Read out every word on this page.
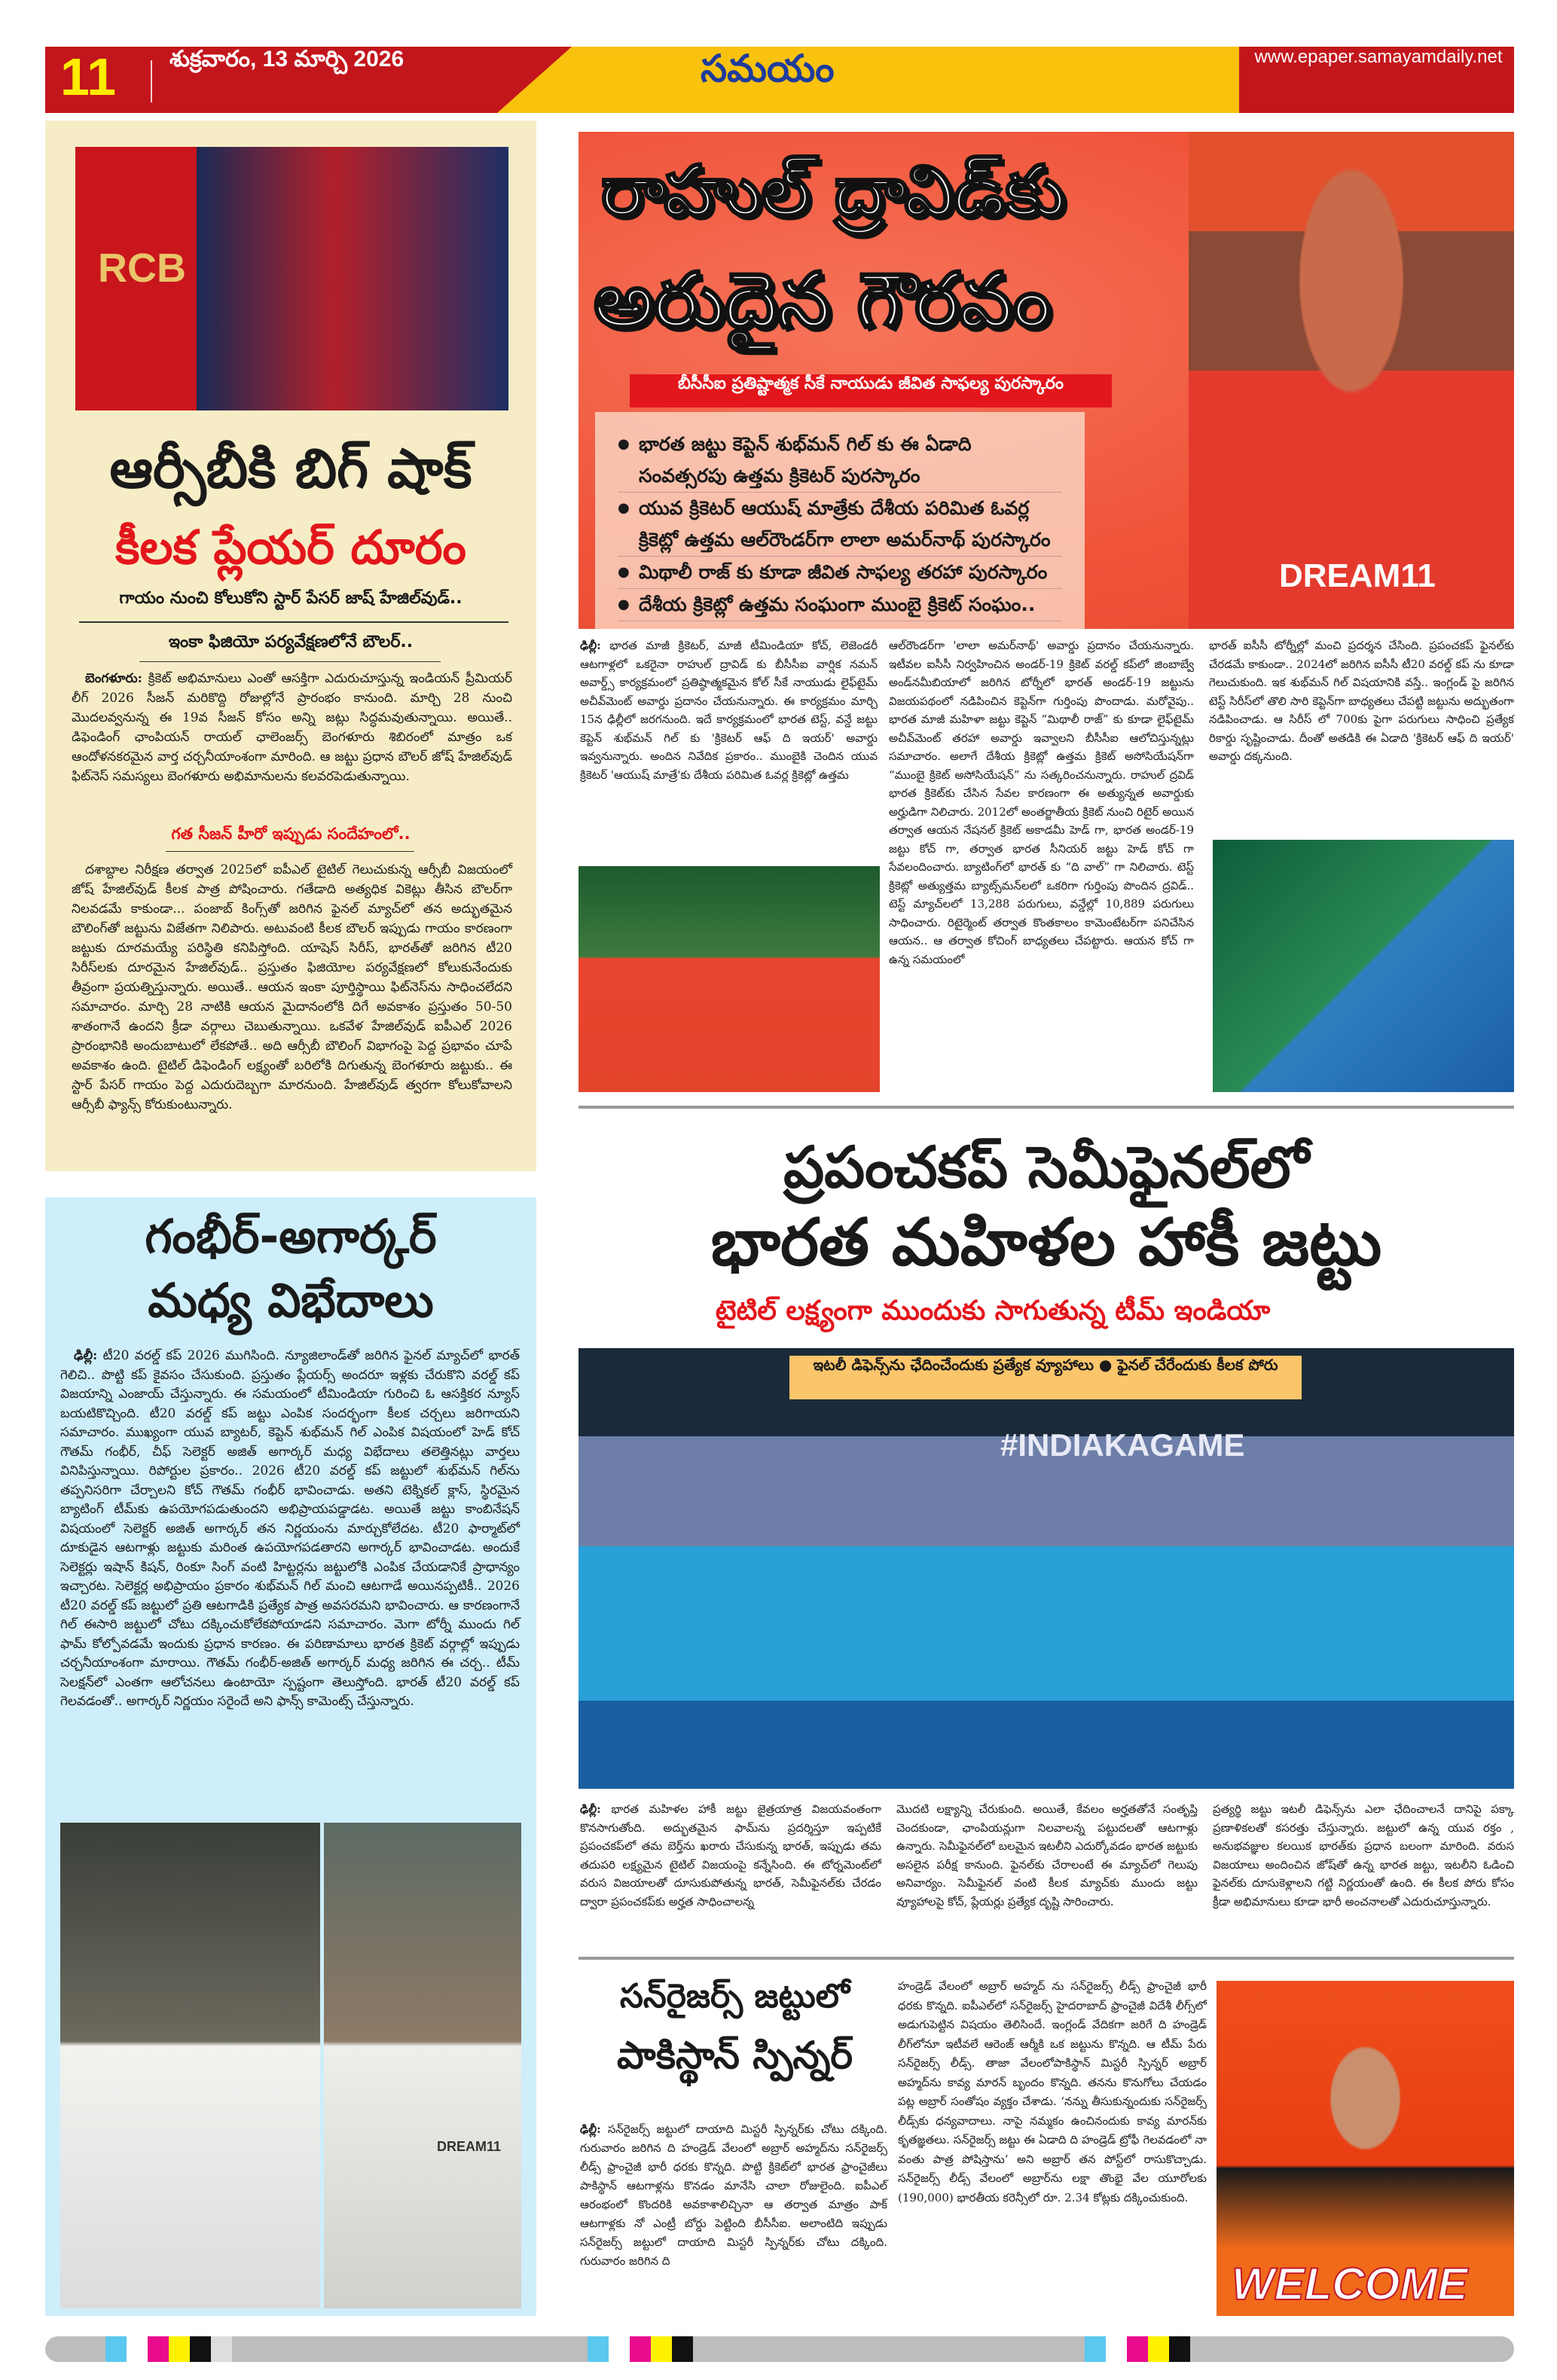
11 శుక్రవారం, 13 మార్చి 2026	సమయం	www.epaper.samayamdaily.net
RCB
ఆర్సీబీకి బిగ్ షాక్
కీలక ప్లేయర్ దూరం
గాయం నుంచి కోలుకోని స్టార్ పేసర్ జాష్ హేజిల్‌వుడ్..
ఇంకా ఫిజియో పర్యవేక్షణలోనే బౌలర్..

బెంగళూరు: క్రికెట్ అభిమానులు ఎంతో ఆసక్తిగా ఎదురుచూస్తున్న ఇండియన్ ప్రీమియర్ లీగ్ 2026 సీజన్ మరికొద్ది రోజుల్లోనే ప్రారంభం కానుంది. మార్చి 28 నుంచి మొదలవ్వనున్న ఈ 19వ సీజన్ కోసం అన్ని జట్లు సిద్ధమవుతున్నాయి. అయితే.. డిఫెండింగ్ ఛాంపియన్ రాయల్ ఛాలెంజర్స్ బెంగళూరు శిబిరంలో మాత్రం ఒక ఆందోళనకరమైన వార్త చర్చనీయాంశంగా మారింది. ఆ జట్టు ప్రధాన బౌలర్ జోష్ హేజిల్‌వుడ్ ఫిట్‌నెస్ సమస్యలు బెంగళూరు అభిమానులను కలవరపెడుతున్నాయి.

గత సీజన్ హీరో ఇప్పుడు సందేహంలో..

దశాబ్దాల నిరీక్షణ తర్వాత 2025లో ఐపీఎల్ టైటిల్ గెలుచుకున్న ఆర్సీబీ విజయంలో జోష్ హేజిల్‌వుడ్ కీలక పాత్ర పోషించారు. గతేడాది అత్యధిక వికెట్లు తీసిన బౌలర్‌గా నిలవడమే కాకుండా... పంజాబ్ కింగ్స్‌తో జరిగిన ఫైనల్ మ్యాచ్‌లో తన అద్భుతమైన బౌలింగ్‌తో జట్టును విజేతగా నిలిపారు. అటువంటి కీలక బౌలర్ ఇప్పుడు గాయం కారణంగా జట్టుకు దూరమయ్యే పరిస్థితి కనిపిస్తోంది. యాషెస్ సిరీస్, భారత్‌తో జరిగిన టీ20 సిరీస్‌లకు దూరమైన హేజిల్‌వుడ్.. ప్రస్తుతం ఫిజియోల పర్యవేక్షణలో కోలుకునేందుకు తీవ్రంగా ప్రయత్నిస్తున్నారు. అయితే.. ఆయన ఇంకా పూర్తిస్థాయి ఫిట్‌నెస్‌ను సాధించలేదని సమాచారం. మార్చి 28 నాటికి ఆయన మైదానంలోకి దిగే అవకాశం ప్రస్తుతం 50-50 శాతంగానే ఉందని క్రీడా వర్గాలు చెబుతున్నాయి. ఒకవేళ హేజిల్‌వుడ్ ఐపీఎల్ 2026 ప్రారంభానికి అందుబాటులో లేకపోతే.. అది ఆర్సీబీ బౌలింగ్ విభాగంపై పెద్ద ప్రభావం చూపే అవకాశం ఉంది. టైటిల్ డిఫెండింగ్ లక్ష్యంతో బరిలోకి దిగుతున్న బెంగళూరు జట్టుకు.. ఈ స్టార్ పేసర్ గాయం పెద్ద ఎదురుదెబ్బగా మారనుంది. హేజిల్‌వుడ్ త్వరగా కోలుకోవాలని ఆర్సీబీ ఫ్యాన్స్ కోరుకుంటున్నారు.

గంభీర్-అగార్కర్
మధ్య విభేదాలు

ఢిల్లీ: టీ20 వరల్డ్ కప్ 2026 ముగిసింది. న్యూజిలాండ్‌తో జరిగిన ఫైనల్ మ్యాచ్‌లో భారత్ గెలిచి.. పొట్టి కప్ కైవసం చేసుకుంది. ప్రస్తుతం ప్లేయర్స్ అందరూ ఇళ్లకు చేరుకొని వరల్డ్ కప్ విజయాన్ని ఎంజాయ్ చేస్తున్నారు. ఈ సమయంలో టీమిండియా గురించి ఓ ఆసక్తికర న్యూస్ బయటికొచ్చింది. టీ20 వరల్డ్ కప్ జట్టు ఎంపిక సందర్భంగా కీలక చర్చలు జరిగాయని సమాచారం. ముఖ్యంగా యువ బ్యాటర్, కెప్టెన్ శుభ్‌మన్ గిల్ ఎంపిక విషయంలో హెడ్ కోచ్ గౌతమ్ గంభీర్, చీఫ్ సెలెక్టర్ అజిత్ అగార్కర్ మధ్య విభేదాలు తలెత్తినట్లు వార్తలు వినిపిస్తున్నాయి. రిపోర్టుల ప్రకారం.. 2026 టీ20 వరల్డ్ కప్ జట్టులో శుభ్‌మన్ గిల్‌ను తప్పనిసరిగా చేర్చాలని కోచ్ గౌతమ్ గంభీర్ భావించాడు. అతని టెక్నికల్ క్లాస్, స్థిరమైన బ్యాటింగ్ టీమ్‌కు ఉపయోగపడుతుందని అభిప్రాయపడ్డాడట. అయితే జట్టు కాంబినేషన్ విషయంలో సెలెక్టర్ అజిత్ అగార్కర్ తన నిర్ణయంను మార్చుకోలేదట. టీ20 ఫార్మాట్‌లో దూకుడైన ఆటగాళ్లు జట్టుకు మరింత ఉపయోగపడతారని అగార్కర్ భావించాడట. అందుకే సెలెక్టర్లు ఇషాన్ కిషన్, రింకూ సింగ్ వంటి హిట్టర్లను జట్టులోకి ఎంపిక చేయడానికే ప్రాధాన్యం ఇచ్చారట. సెలెక్టర్ల అభిప్రాయం ప్రకారం శుభ్‌మన్ గిల్ మంచి ఆటగాడే అయినప్పటికీ.. 2026 టీ20 వరల్డ్ కప్ జట్టులో ప్రతి ఆటగాడికి ప్రత్యేక పాత్ర అవసరమని భావించారు. ఆ కారణంగానే గిల్ ఈసారి జట్టులో చోటు దక్కించుకోలేకపోయాడని సమాచారం. మెగా టోర్నీ ముందు గిల్ ఫామ్ కోల్పోవడమే ఇందుకు ప్రధాన కారణం. ఈ పరిణామాలు భారత క్రికెట్ వర్గాల్లో ఇప్పుడు చర్చనీయాంశంగా మారాయి. గౌతమ్ గంభీర్-అజిత్ అగార్కర్ మధ్య జరిగిన ఈ చర్చ.. టీమ్ సెలక్షన్‌లో ఎంతగా ఆలోచనలు ఉంటాయో స్పష్టంగా తెలుస్తోంది. భారత్ టీ20 వరల్డ్ కప్ గెలవడంతో.. అగార్కర్ నిర్ణయం సరైందే అని ఫాన్స్ కామెంట్స్ చేస్తున్నారు.

DREAM11
DREAM11
రాహుల్ ద్రావిడ్‌కు
అరుదైన గౌరవం
బీసీసీఐ ప్రతిష్టాత్మక సీకే నాయుడు జీవిత సాఫల్య పురస్కారం
● భారత జట్టు కెప్టెన్ శుభ్‌మన్ గిల్ కు ఈ ఏడాది సంవత్సరపు ఉత్తమ క్రికెటర్ పురస్కారం
● యువ క్రికెటర్ ఆయుష్ మాత్రేకు దేశీయ పరిమిత ఓవర్ల క్రికెట్లో ఉత్తమ ఆల్‌రౌండర్‌గా లాలా అమర్‌నాథ్ పురస్కారం
● మిథాలీ రాజ్ కు కూడా జీవిత సాఫల్య తరహా పురస్కారం
● దేశీయ క్రికెట్లో ఉత్తమ సంఘంగా ముంబై క్రికెట్ సంఘం..

ఢిల్లీ: భారత మాజీ క్రికెటర్, మాజీ టీమిండియా కోచ్, లెజెండరీ ఆటగాళ్లలో ఒకరైనా రాహుల్ ద్రావిడ్ కు బీసీసీఐ వార్షిక నమన్ అవార్డ్స్ కార్యక్రమంలో ప్రతిష్ఠాత్మకమైన కోల్ సీకే నాయుడు లైఫ్‌టైమ్ అచీవ్‌మెంట్ అవార్డు ప్రదానం చేయనున్నారు. ఈ కార్యక్రమం మార్చి 15న ఢిల్లీలో జరగనుంది. ఇదే కార్యక్రమంలో భారత టెస్ట్, వన్డే జట్టు కెప్టెన్ శుభ్‌మన్ గిల్ కు 'క్రికెటర్ ఆఫ్ ది ఇయర్' అవార్డు ఇవ్వనున్నారు. అందిన నివేదిక ప్రకారం.. ముంబైకి చెందిన యువ క్రికెటర్ 'ఆయుష్ మాత్రే'కు దేశీయ పరిమిత ఓవర్ల క్రికెట్లో ఉత్తమ

ఆల్‌రౌండర్‌గా 'లాలా అమర్‌నాథ్' అవార్డు ప్రదానం చేయనున్నారు. ఇటీవల ఐసీసీ నిర్వహించిన అండర్-19 క్రికెట్ వరల్డ్ కప్‌లో జింబాబ్వే అండ్‌నమీబియాలో జరిగిన టోర్నీలో భారత్ అండర్-19 జట్టును విజయపథంలో నడిపించిన కెప్టెన్‌గా గుర్తింపు పొందాడు. మరోవైపు.. భారత మాజీ మహిళా జట్టు కెప్టెన్ “మిథాలీ రాజ్” కు కూడా లైఫ్‌టైమ్ అచీవ్‌మెంట్ తరహా అవార్డు ఇవ్వాలని బీసీసీఐ ఆలోచిస్తున్నట్లు సమాచారం. అలాగే దేశీయ క్రికెట్లో ఉత్తమ క్రికెట్ అసోసియేషన్‌గా “ముంబై క్రికెట్ అసోసియేషన్” ను సత్కరించనున్నారు. రాహుల్ ద్రవిడ్ భారత క్రికెట్‌కు చేసిన సేవల కారణంగా ఈ అత్యున్నత అవార్డుకు అర్హుడిగా నిలిచారు. 2012లో అంతర్జాతీయ క్రికెట్ నుంచి రిటైర్ అయిన తర్వాత ఆయన నేషనల్ క్రికెట్ అకాడమీ హెడ్ గా, భారత అండర్-19 జట్టు కోచ్ గా, తర్వాత భారత సీనియర్ జట్టు హెడ్ కోచ్ గా సేవలందించారు. బ్యాటింగ్‌లో భారత్ కు “ది వాల్” గా నిలిచారు. టెస్ట్ క్రికెట్లో అత్యుత్తమ బ్యాట్స్‌మన్‌లలో ఒకరిగా గుర్తింపు పొందిన ద్రవిడ్.. టెస్ట్ మ్యాచ్‌లలో 13,288 పరుగులు, వన్డేల్లో 10,889 పరుగులు సాధించారు. రిటైర్మెంట్ తర్వాత కొంతకాలం కామెంటేటర్‌గా పనిచేసిన ఆయన.. ఆ తర్వాత కోచింగ్ బాధ్యతలు చేపట్టారు. ఆయన కోచ్ గా ఉన్న సమయంలో

భారత్ ఐసీసీ టోర్నీల్లో మంచి ప్రదర్శన చేసింది. ప్రపంచకప్ ఫైనల్‌కు చేరడమే కాకుండా.. 2024లో జరిగిన ఐసీసీ టీ20 వరల్డ్ కప్ ను కూడా గెలుచుకుంది. ఇక శుభ్‌మన్ గిల్ విషయానికి వస్తే.. ఇంగ్లండ్ పై జరిగిన టెస్ట్ సిరీస్‌లో తొలి సారి కెప్టెన్‌గా బాధ్యతలు చేపట్టి జట్టును అద్భుతంగా నడిపించాడు. ఆ సిరీస్ లో 700కు పైగా పరుగులు సాధించి ప్రత్యేక రికార్డు సృష్టించాడు. దీంతో అతడికి ఈ ఏడాది 'క్రికెటర్ ఆఫ్ ది ఇయర్' అవార్డు దక్కనుంది.

ప్రపంచకప్ సెమీఫైనల్‌లో
భారత మహిళల హాకీ జట్టు
టైటిల్ లక్ష్యంగా ముందుకు సాగుతున్న టీమ్ ఇండియా
#INDIAKAGAME
ఇటలీ డిఫెన్స్‌ను ఛేదించేందుకు ప్రత్యేక వ్యూహాలు ● ఫైనల్ చేరేందుకు కీలక పోరు

ఢిల్లీ: భారత మహిళల హాకీ జట్టు జైత్రయాత్ర విజయవంతంగా కొనసాగుతోంది. అద్భుతమైన ఫామ్‌ను ప్రదర్శిస్తూ ఇప్పటికే ప్రపంచకప్‌లో తమ బెర్త్‌ను ఖరారు చేసుకున్న భారత్, ఇప్పుడు తమ తదుపరి లక్ష్యమైన టైటిల్ విజయంపై కన్నేసింది. ఈ టోర్నమెంట్‌లో వరుస విజయాలతో దూసుకుపోతున్న భారత్, సెమీఫైనల్‌కు చేరడం ద్వారా ప్రపంచకప్‌కు అర్హత సాధించాలన్న

మొదటి లక్ష్యాన్ని చేరుకుంది. అయితే, కేవలం అర్హతతోనే సంతృప్తి చెందకుండా, ఛాంపియన్లుగా నిలవాలన్న పట్టుదలతో ఆటగాళ్లు ఉన్నారు. సెమీఫైనల్‌లో బలమైన ఇటలీని ఎదుర్కోవడం భారత జట్టుకు అసలైన పరీక్ష కానుంది. ఫైనల్‌కు చేరాలంటే ఈ మ్యాచ్‌లో గెలుపు అనివార్యం. సెమీఫైనల్ వంటి కీలక మ్యాచ్‌కు ముందు జట్టు వ్యూహాలపై కోచ్, ప్లేయర్లు ప్రత్యేక దృష్టి సారించారు.

ప్రత్యర్థి జట్టు ఇటలీ డిఫెన్స్‌ను ఎలా ఛేదించాలనే దానిపై పక్కా ప్రణాళికలతో కసరత్తు చేస్తున్నారు. జట్టులో ఉన్న యువ రక్తం , అనుభవజ్ఞుల కలయిక భారత్‌కు ప్రధాన బలంగా మారింది. వరుస విజయాలు అందించిన జోష్‌తో ఉన్న భారత జట్టు, ఇటలీని ఓడించి ఫైనల్‌కు దూసుకెళ్లాలని గట్టి నిర్ణయంతో ఉంది. ఈ కీలక పోరు కోసం క్రీడా అభిమానులు కూడా భారీ అంచనాలతో ఎదురుచూస్తున్నారు.

సన్‌రైజర్స్ జట్టులో
పాకిస్థాన్ స్పిన్నర్

ఢిల్లీ: సన్‌రైజర్స్ జట్టులో దాయాది మిస్టరీ స్పిన్నర్‌కు చోటు దక్కింది. గురువారం జరిగిన ది హండ్రెడ్ వేలంలో అబ్రార్ అహ్మద్‌ను సన్‌రైజర్స్ లీడ్స్ ఫ్రాంచైజీ భారీ ధరకు కొన్నది. పొట్టి క్రికెట్‌లో భారత ఫ్రాంచైజీలు పాకిస్థాన్ ఆటగాళ్లను కొనడం మానేసి చాలా రోజులైంది. ఐపీఎల్ ఆరంభంలో కొందరికి అవకాశాలిచ్చినా ఆ తర్వాత మాత్రం పాక్ ఆటగాళ్లకు నో ఎంట్రీ బోర్డు పెట్టింది బీసీసీఐ. అలాంటిది ఇప్పుడు సన్‌రైజర్స్ జట్టులో దాయాది మిస్టరీ స్పిన్నర్‌కు చోటు దక్కింది. గురువారం జరిగిన ది

హండ్రెడ్ వేలంలో అబ్రార్ అహ్మద్ ను సన్‌రైజర్స్ లీడ్స్ ఫ్రాంచైజీ భారీ ధరకు కొన్నది. ఐపీఎల్‌లో సన్‌రైజర్స్ హైదరాబాద్ ఫ్రాంచైజీ విదేశీ లీగ్స్‌లో అడుగుపెట్టిన విషయం తెలిసిందే. ఇంగ్లండ్ వేదికగా జరిగే ది హండ్రెడ్ లీగ్‌లోనూ ఇటీవలే ఆరెంజ్ ఆర్మీకి ఒక జట్టును కొన్నది. ఆ టీమ్ పేరు సన్‌రైజర్స్ లీడ్స్. తాజా వేలంలోపాకిస్థాన్ మిస్టరీ స్పిన్నర్ అబ్రార్ అహ్మద్‌ను కావ్య మారన్ బృందం కొన్నది. తనను కొనుగోలు చేయడం పట్ల అబ్రార్ సంతోషం వ్యక్తం చేశాడు. ‘నన్ను తీసుకున్నందుకు సన్‌రైజర్స్ లీడ్స్‌కు ధన్యవాదాలు. నాపై నమ్మకం ఉంచినందుకు కావ్య మారన్‌కు కృతజ్ఞతలు. సన్‌రైజర్స్ జట్టు ఈ ఏడాది ది హండ్రెడ్ ట్రోఫీ గెలవడంలో నా వంతు పాత్ర పోషిస్తాను’ అని అబ్రార్ తన పోస్ట్‌లో రాసుకొచ్చాడు. సన్‌రైజర్స్ లీడ్స్ వేలంలో అబ్రార్‌ను లక్షా తొంభై వేల యూరోలకు (190,000) భారతీయ కరెన్సీలో రూ. 2.34 కోట్లకు దక్కించుకుంది.

WELCOME
